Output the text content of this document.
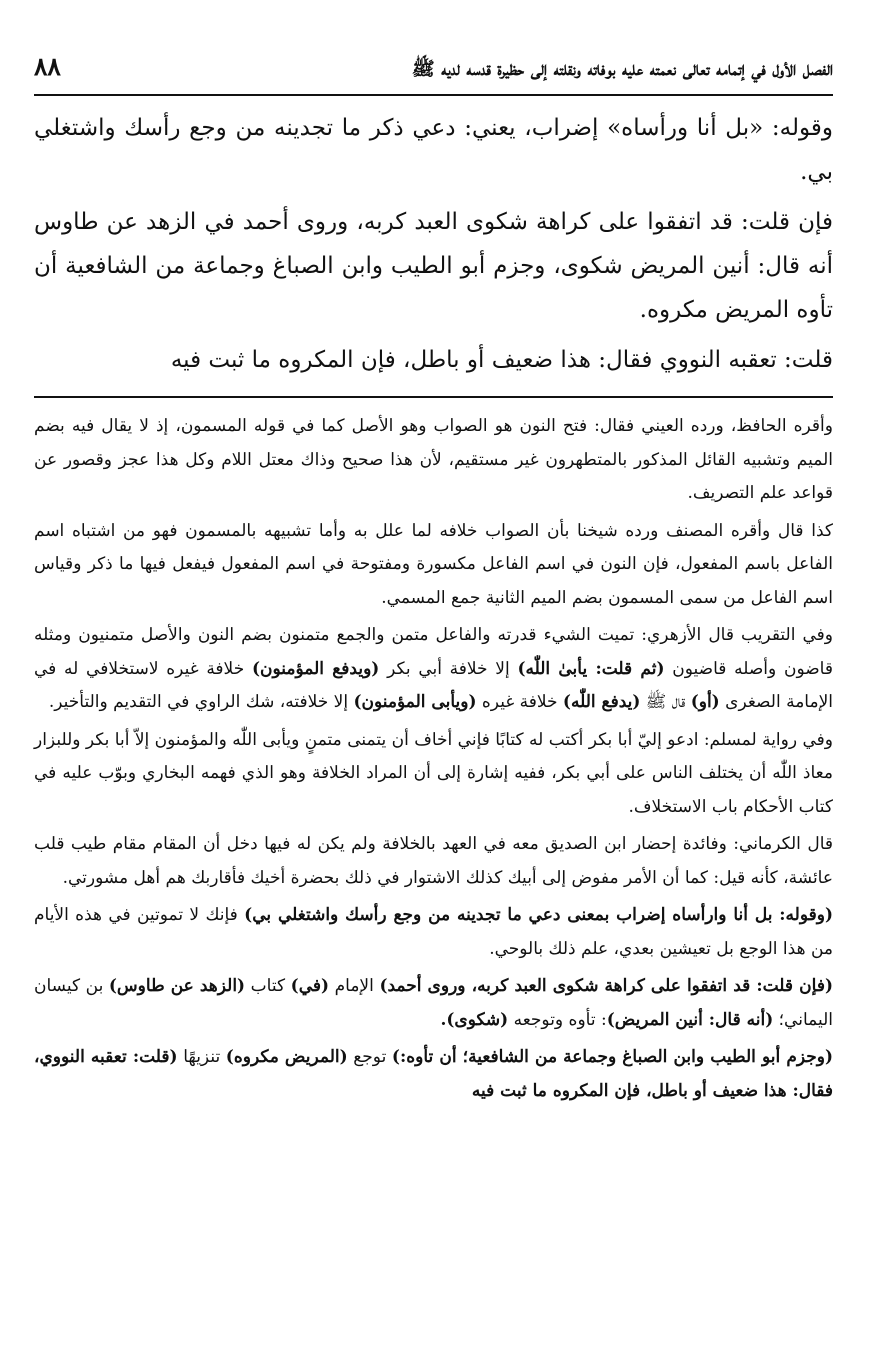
الفصل الأول في إتمامه تعالى نعمته عليه بوفاته ونقلته إلى حظيرة قدسه لديه ﷺ
٨٨

وقوله: «بل أنا ورأساه» إضراب، يعني: دعي ذكر ما تجدينه من وجع رأسك واشتغلي بي.

فإن قلت: قد اتفقوا على كراهة شكوى العبد كربه، وروى أحمد في الزهد عن طاوس أنه قال: أنين المريض شكوى، وجزم أبو الطيب وابن الصباغ وجماعة من الشافعية أن تأوه المريض مكروه.

قلت: تعقبه النووي فقال: هذا ضعيف أو باطل، فإن المكروه ما ثبت فيه

وأقره الحافظ، ورده العيني فقال: فتح النون هو الصواب وهو الأصل كما في قوله المسمون، إذ لا يقال فيه بضم الميم وتشبيه القائل المذكور بالمتطهرون غير مستقيم، لأن هذا صحيح وذاك معتل اللام وكل هذا عجز وقصور عن قواعد علم التصريف.

كذا قال وأقره المصنف ورده شيخنا بأن الصواب خلافه لما علل به وأما تشبيهه بالمسمون فهو من اشتباه اسم الفاعل باسم المفعول، فإن النون في اسم الفاعل مكسورة ومفتوحة في اسم المفعول فيفعل فيها ما ذكر وقياس اسم الفاعل من سمى المسمون بضم الميم الثانية جمع المسمي.

وفي التقريب قال الأزهري: تميت الشيء قدرته والفاعل متمن والجمع متمنون بضم النون والأصل متمنيون ومثله قاضون وأصله قاضيون (ثم قلت: يأبىٰ اللّٰه) إلا خلافة أبي بكر (ويدفع المؤمنون) خلافة غيره لاستخلافي له في الإمامة الصغرى (أو) قال ﷺ (يدفع اللّٰه) خلافة غيره (ويأبى المؤمنون) إلا خلافته، شك الراوي في التقديم والتأخير.

وفي رواية لمسلم: ادعو إليّ أبا بكر أكتب له كتابًا فإني أخاف أن يتمنى متمنٍ ويأبى اللّٰه والمؤمنون إلاّ أبا بكر وللبزار معاذ اللّٰه أن يختلف الناس على أبي بكر، ففيه إشارة إلى أن المراد الخلافة وهو الذي فهمه البخاري وبوّب عليه في كتاب الأحكام باب الاستخلاف.

قال الكرماني: وفائدة إحضار ابن الصديق معه في العهد بالخلافة ولم يكن له فيها دخل أن المقام مقام طيب قلب عائشة، كأنه قيل: كما أن الأمر مفوض إلى أبيك كذلك الاشتوار في ذلك بحضرة أخيك فأقاربك هم أهل مشورتي.

(وقوله: بل أنا وارأساه إضراب بمعنى دعي ما تجدينه من وجع رأسك واشتغلي بي) فإنك لا تموتين في هذه الأيام من هذا الوجع بل تعيشين بعدي، علم ذلك بالوحي.

(فإن قلت: قد اتفقوا على كراهة شكوى العبد كربه، وروى أحمد) الإمام (في) كتاب (الزهد عن طاوس) بن كيسان اليماني؛ (أنه قال: أنين المريض): تأوه وتوجعه (شكوى).

(وجزم أبو الطيب وابن الصباغ وجماعة من الشافعية؛ أن تأوه:) توجع (المريض مكروه) تنزيهًا (قلت: تعقبه النووي، فقال: هذا ضعيف أو باطل، فإن المكروه ما ثبت فيه
